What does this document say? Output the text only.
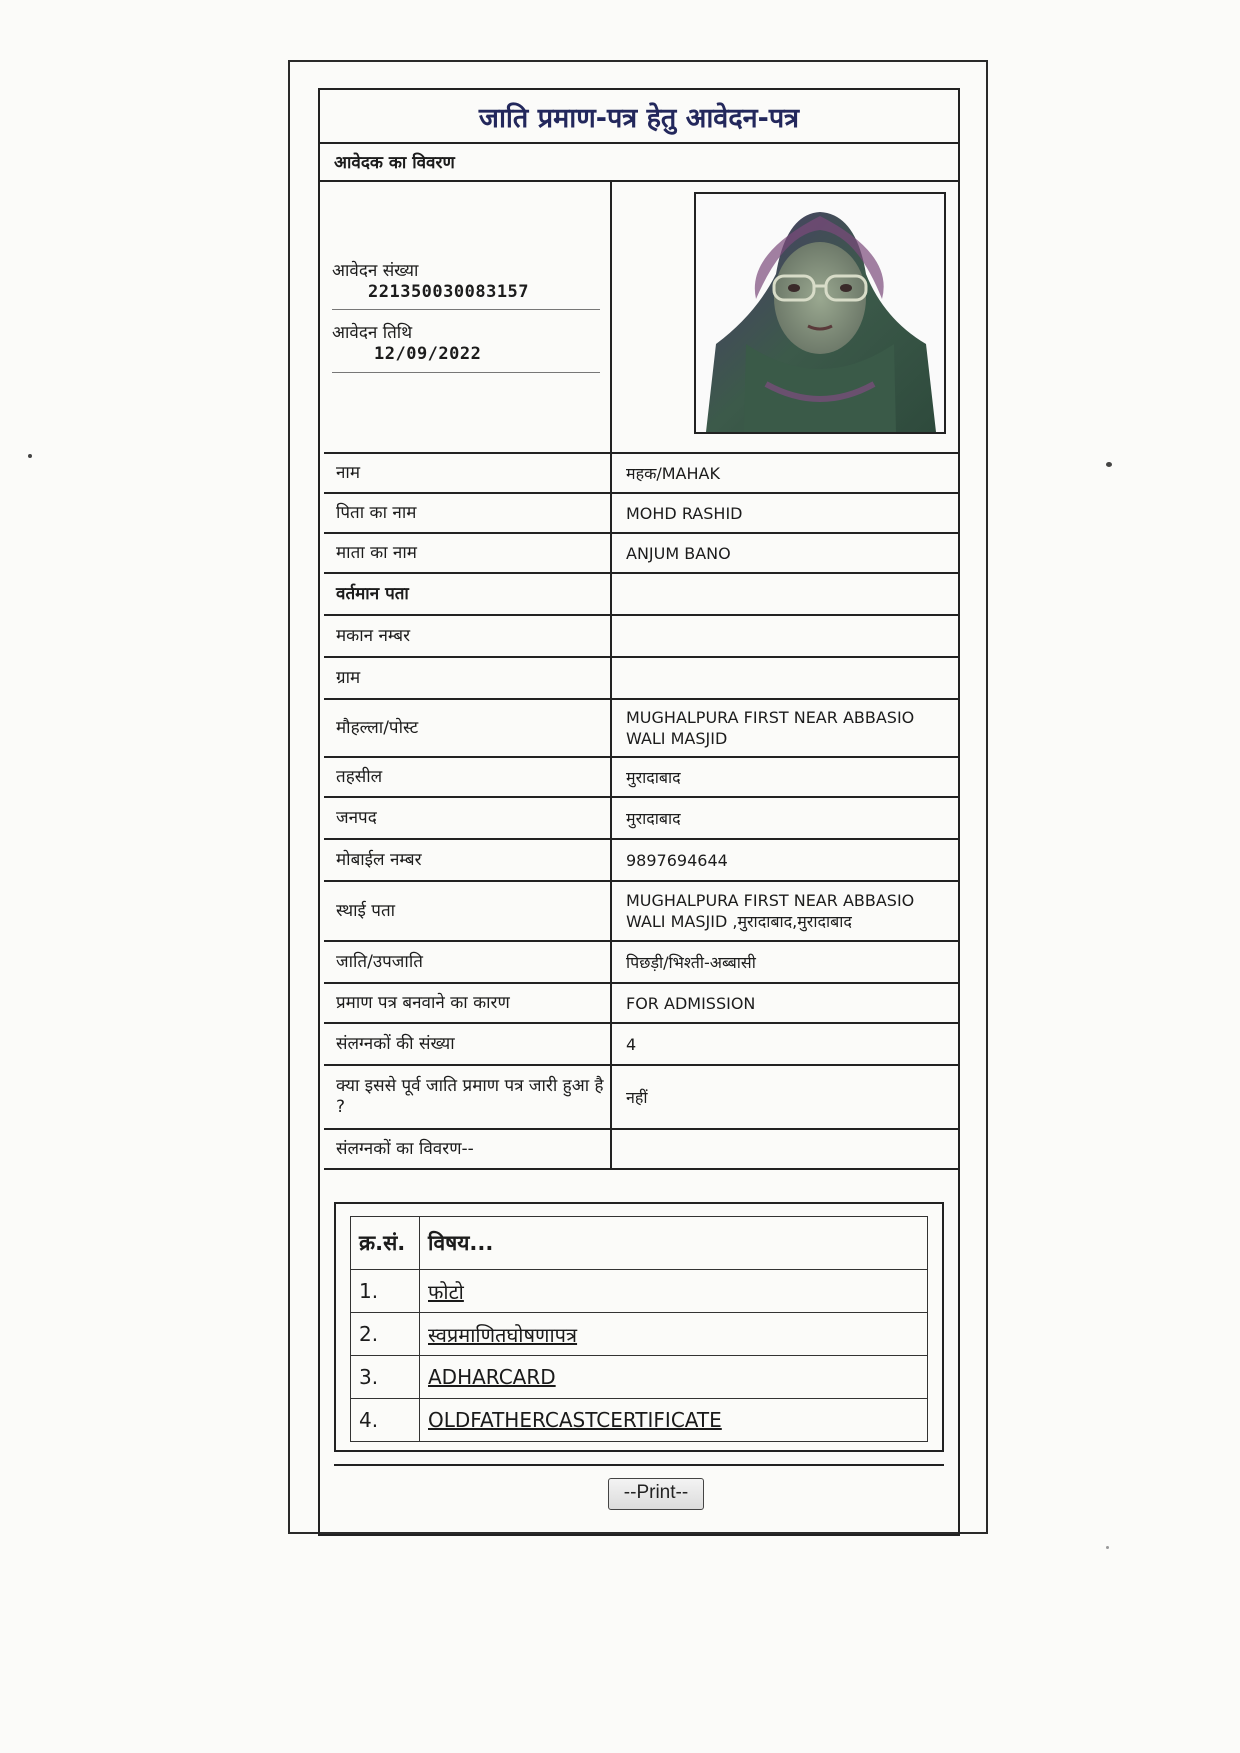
जाति प्रमाण-पत्र हेतु आवेदन-पत्र
आवेदक का विवरण
आवेदन संख्या
221350030083157
आवेदन तिथि
12/09/2022
नाम	महक/MAHAK
पिता का नाम	MOHD RASHID
माता का नाम	ANJUM BANO
वर्तमान पता
मकान नम्बर
ग्राम
मौहल्ला/पोस्ट	MUGHALPURA FIRST NEAR ABBASIO WALI MASJID
तहसील	मुरादाबाद
जनपद	मुरादाबाद
मोबाईल नम्बर	9897694644
स्थाई पता	MUGHALPURA FIRST NEAR ABBASIO WALI MASJID ,मुरादाबाद,मुरादाबाद
जाति/उपजाति	पिछड़ी/भिश्ती-अब्बासी
प्रमाण पत्र बनवाने का कारण	FOR ADMISSION
संलग्नकों की संख्या	4
क्या इससे पूर्व जाति प्रमाण पत्र जारी हुआ है ?	नहीं
संलग्नकों का विवरण--
क्र.सं.	विषय...
1.	फोटो
2.	स्वप्रमाणितघोषणापत्र
3.	ADHARCARD
4.	OLDFATHERCASTCERTIFICATE
--Print--
